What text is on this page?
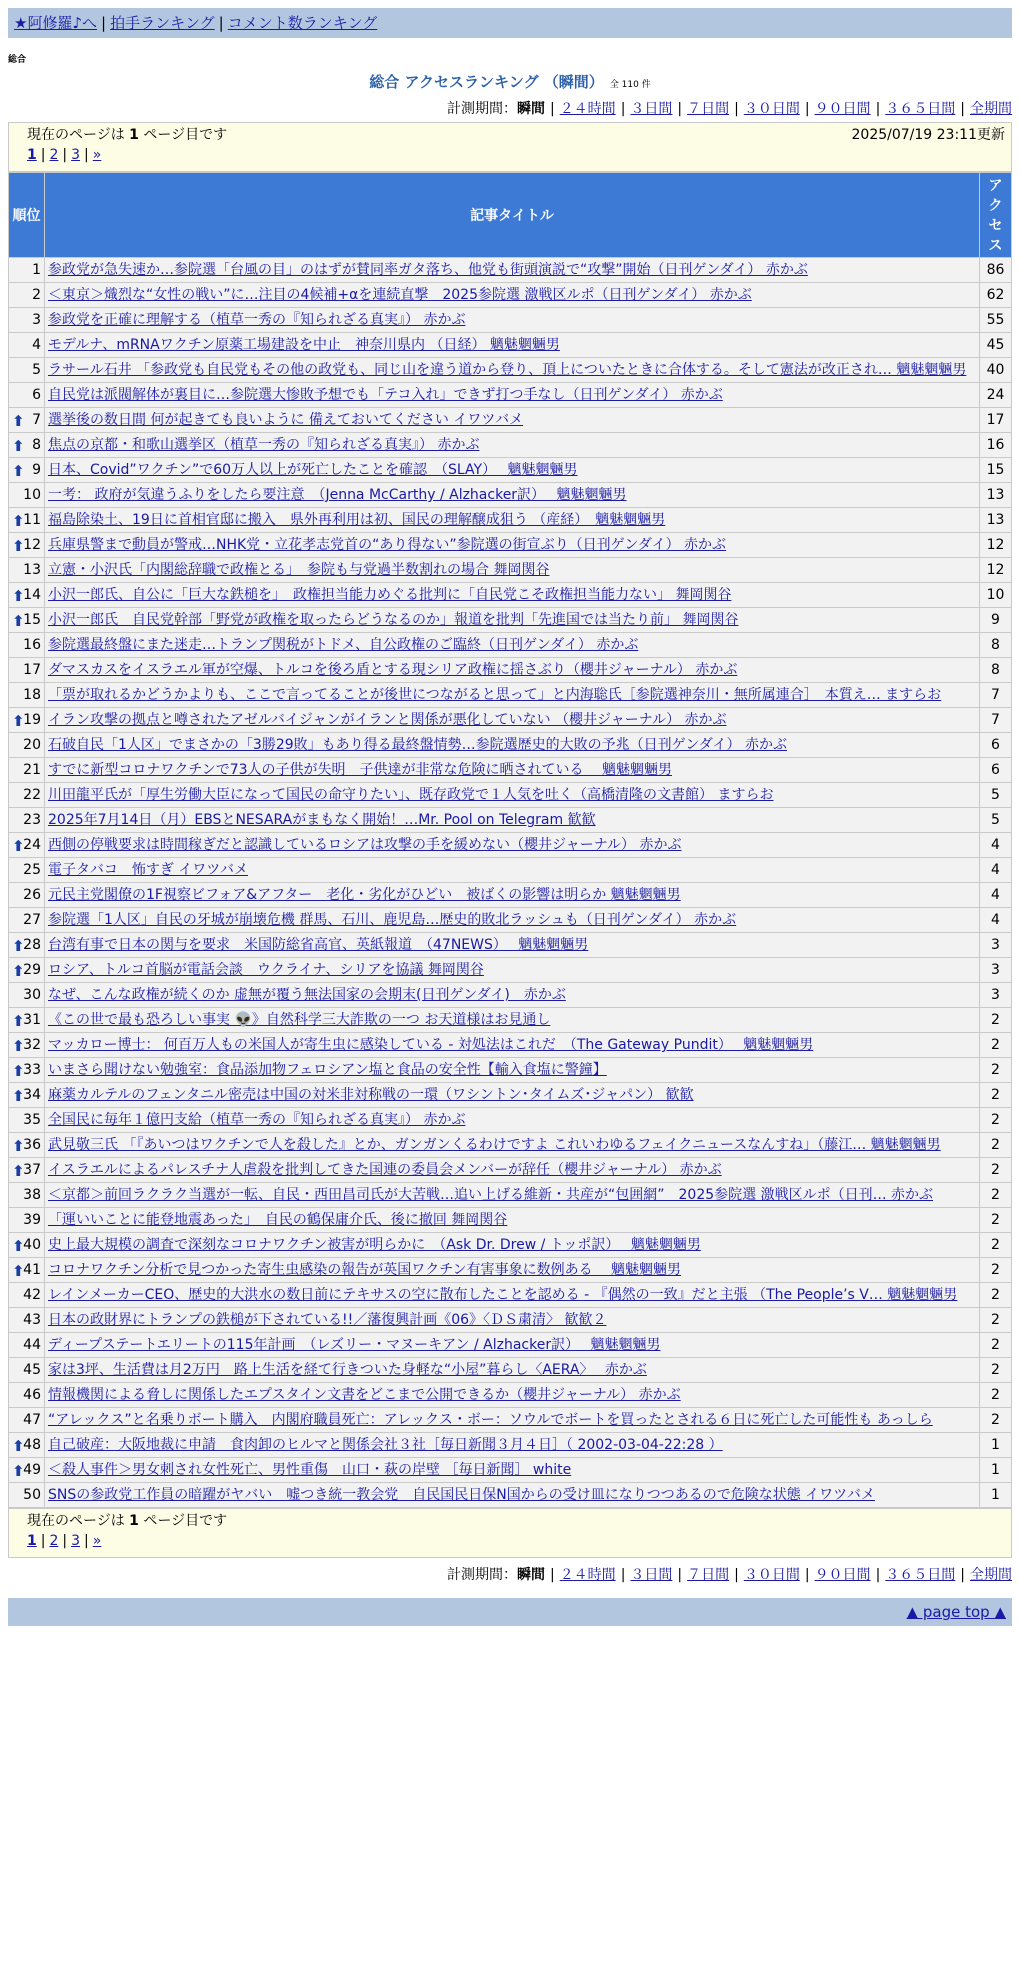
★阿修羅♪へ | 拍手ランキング | コメント数ランキング
総合
総合 アクセスランキング （瞬間） 全 110 件
計測期間：瞬間 | ２４時間 | ３日間 | ７日間 | ３０日間 | ９０日間 | ３６５日間 | 全期間
現在のページは 1 ページ目です	2025/07/19 23:11更新
1 | 2 | 3 | »
順位	記事タイトル	アクセス
1	参政党が急失速か…参院選「台風の目」のはずが賛同率ガタ落ち、他党も街頭演説で“攻撃”開始（日刊ゲンダイ） 赤かぶ	86
2	＜東京＞熾烈な“女性の戦い”に…注目の4候補+αを連続直撃　2025参院選 激戦区ルポ（日刊ゲンダイ） 赤かぶ	62
3	参政党を正確に理解する（植草一秀の『知られざる真実』） 赤かぶ	55
4	モデルナ、mRNAワクチン原薬工場建設を中止　神奈川県内 （日経） 魑魅魍魎男	45
5	ラサール石井 「参政党も自民党もその他の政党も、同じ山を違う道から登り、頂上についたときに合体する。そして憲法が改正され… 魑魅魍魎男	40
6	自民党は派閥解体が裏目に…参院選大惨敗予想でも「テコ入れ」できず打つ手なし（日刊ゲンダイ） 赤かぶ	24

⬆ 7	選挙後の数日間 何が起きても良いように 備えておいてください イワツバメ	17

⬆ 8	焦点の京都・和歌山選挙区（植草一秀の『知られざる真実』） 赤かぶ	16

⬆ 9	日本、Covid”ワクチン”で60万人以上が死亡したことを確認　（SLAY）　 魑魅魍魎男	15
10	一考： 政府が気違うふりをしたら要注意　（Jenna McCarthy / Alzhacker訳）　 魑魅魍魎男	13

⬆
11	福島除染土、19日に首相官邸に搬入　県外再利用は初、国民の理解醸成狙う （産経）　魑魅魍魎男	13

⬆
12	兵庫県警まで動員が警戒…NHK党・立花孝志党首の“あり得ない”参院選の街宣ぶり（日刊ゲンダイ） 赤かぶ	12
13	立憲・小沢氏「内閣総辞職で政権とる」　参院も与党過半数割れの場合 舞岡関谷	12

⬆
14	小沢一郎氏、自公に「巨大な鉄槌を」　政権担当能力めぐる批判に「自民党こそ政権担当能力ない」 舞岡関谷	10

⬆
15	小沢一郎氏　自民党幹部「野党が政権を取ったらどうなるのか」報道を批判「先進国では当たり前」 舞岡関谷	9
16	参院選最終盤にまた迷走…トランプ関税がトドメ、自公政権のご臨終（日刊ゲンダイ） 赤かぶ	8
17	ダマスカスをイスラエル軍が空爆、トルコを後ろ盾とする現シリア政権に揺さぶり（櫻井ジャーナル） 赤かぶ	8
18	「票が取れるかどうかよりも、ここで言ってることが後世につながると思って」と内海聡氏［参院選神奈川・無所属連合］　本質え… ますらお	7

⬆
19	イラン攻撃の拠点と噂されたアゼルバイジャンがイランと関係が悪化していない （櫻井ジャーナル） 赤かぶ	7
20	石破自民「1人区」でまさかの「3勝29敗」もあり得る最終盤情勢…参院選歴史的大敗の予兆（日刊ゲンダイ） 赤かぶ	6
21	すでに新型コロナワクチンで73人の子供が失明　子供達が非常な危険に晒されている　 魑魅魍魎男	6
22	川田龍平氏が「厚生労働大臣になって国民の命守りたい」、既存政党で１人気を吐く（高橋清隆の文書館） ますらお	5
23	2025年7月14日（月）EBSとNESARAがまもなく開始！…Mr. Pool on Telegram 歓歓	5

⬆
24	西側の停戦要求は時間稼ぎだと認識しているロシアは攻撃の手を緩めない（櫻井ジャーナル） 赤かぶ	4
25	電子タバコ　怖すぎ イワツバメ	4
26	元民主党閣僚の1F視察ビフォア&アフター　老化・劣化がひどい　被ばくの影響は明らか 魑魅魍魎男	4
27	参院選「1人区」自民の牙城が崩壊危機 群馬、石川、鹿児島…歴史的敗北ラッシュも（日刊ゲンダイ） 赤かぶ	4

⬆
28	台湾有事で日本の関与を要求　米国防総省高官、英紙報道　（47NEWS）　 魑魅魍魎男	3

⬆
29	ロシア、トルコ首脳が電話会談　ウクライナ、シリアを協議 舞岡関谷	3
30	なぜ、こんな政権が続くのか 虚無が覆う無法国家の会期末(日刊ゲンダイ)　赤かぶ	3

⬆
31	《この世で最も恐ろしい事実 👽》自然科学三大詐欺の一つ お天道様はお見通し	2

⬆
32	マッカロー博士： 何百万人もの米国人が寄生虫に感染している - 対処法はこれだ　（The Gateway Pundit）　 魑魅魍魎男	2

⬆
33	いまさら聞けない勉強室：食品添加物フェロシアン塩と食品の安全性【輸入食塩に警鐘】	2

⬆
34	麻薬カルテルのフェンタニル密売は中国の対米非対称戦の一環（ワシントン･タイムズ･ジャパン） 歓歓	2
35	全国民に毎年１億円支給（植草一秀の『知られざる真実』） 赤かぶ	2

⬆
36	武見敬三氏 「『あいつはワクチンで人を殺した』とか、ガンガンくるわけですよ これいわゆるフェイクニュースなんすね」（藤江… 魑魅魍魎男	2

⬆
37	イスラエルによるパレスチナ人虐殺を批判してきた国連の委員会メンバーが辞任（櫻井ジャーナル） 赤かぶ	2
38	＜京都＞前回ラクラク当選が一転、自民・西田昌司氏が大苦戦…追い上げる維新・共産が“包囲網”　2025参院選 激戦区ルポ（日刊… 赤かぶ	2
39	「運いいことに能登地震あった」　自民の鶴保庸介氏、後に撤回 舞岡関谷	2

⬆
40	史上最大規模の調査で深刻なコロナワクチン被害が明らかに　（Ask Dr. Drew / トッポ訳）　 魑魅魍魎男	2

⬆
41	コロナワクチン分析で見つかった寄生虫感染の報告が英国ワクチン有害事象に数例ある　 魑魅魍魎男	2
42	レインメーカーCEO、歴史的大洪水の数日前にテキサスの空に散布したことを認める - 『偶然の一致』だと主張 （The People’s V… 魑魅魍魎男	2
43	日本の政財界にトランプの鉄槌が下されている!!／藩復興計画《06》〈ＤＳ粛清〉 歓歓２	2
44	ディープステートエリートの115年計画　（レズリー・マヌーキアン / Alzhacker訳）　 魑魅魍魎男	2
45	家は3坪、生活費は月2万円　路上生活を経て行きついた身軽な“小屋”暮らし〈AERA〉　 赤かぶ	2
46	情報機関による脅しに関係したエプスタイン文書をどこまで公開できるか（櫻井ジャーナル） 赤かぶ	2
47	“アレックス”と名乗りボート購入　内閣府職員死亡：アレックス・ボー：ソウルでボートを買ったとされる６日に死亡した可能性も あっしら	2

⬆
48	自己破産：大阪地裁に申請　食肉卸のヒルマと関係会社３社［毎日新聞３月４日］（ 2002-03-04-22:28 ）	1

⬆
49	＜殺人事件＞男女刺され女性死亡、男性重傷　山口・萩の岸壁 ［毎日新聞］ white	1
50	SNSの参政党工作員の暗躍がヤバい　嘘つき統一教会党　自民国民日保N国からの受け皿になりつつあるので危険な状態 イワツバメ	1
現在のページは 1 ページ目です
1 | 2 | 3 | »
計測期間：瞬間 | ２４時間 | ３日間 | ７日間 | ３０日間 | ９０日間 | ３６５日間 | 全期間
▲ page top ▲
